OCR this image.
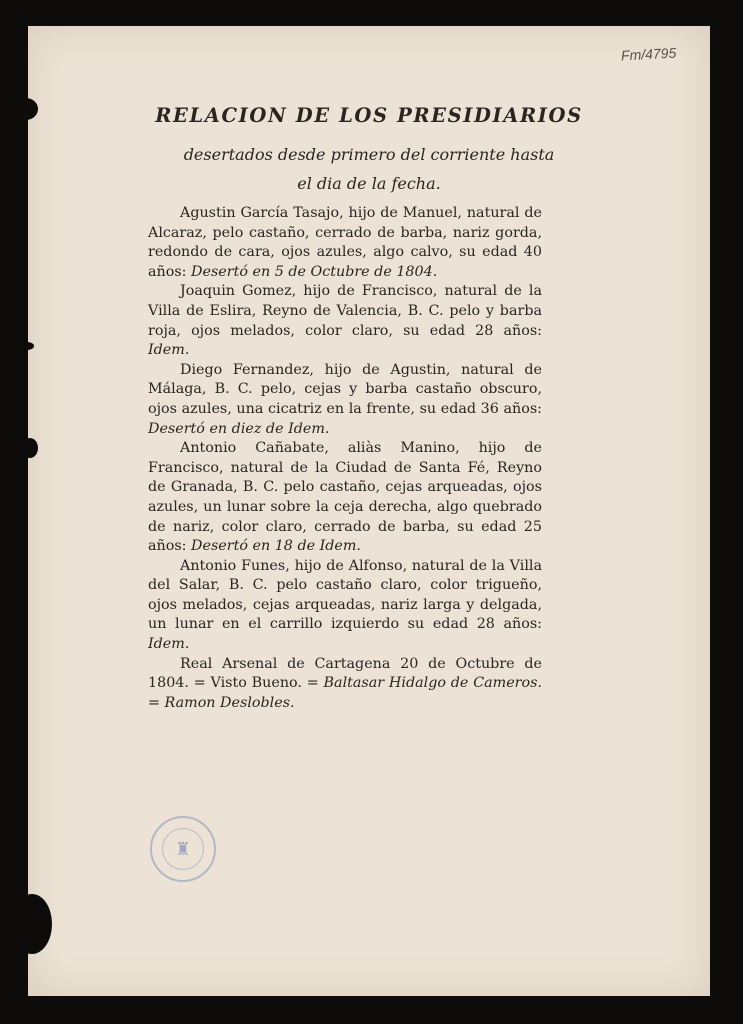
Fm/4795
RELACION DE LOS PRESIDIARIOS
desertados desde primero del corriente hasta
el dia de la fecha.

Agustin García Tasajo, hijo de Manuel, natural de Alcaraz, pelo castaño, cerrado de barba, nariz gorda, redondo de cara, ojos azules, algo calvo, su edad 40 años: Desertó en 5 de Octubre de 1804.

Joaquin Gomez, hijo de Francisco, natural de la Villa de Eslira, Reyno de Valencia, B. C. pelo y barba roja, ojos melados, color claro, su edad 28 años: Idem.

Diego Fernandez, hijo de Agustin, natural de Málaga, B. C. pelo, cejas y barba castaño obscuro, ojos azules, una cicatriz en la frente, su edad 36 años: Desertó en diez de Idem.

Antonio Cañabate, aliàs Manino, hijo de Francisco, natural de la Ciudad de Santa Fé, Reyno de Granada, B. C. pelo castaño, cejas arqueadas, ojos azules, un lunar sobre la ceja derecha, algo quebrado de nariz, color claro, cerrado de barba, su edad 25 años: Desertó en 18 de Idem.

Antonio Funes, hijo de Alfonso, natural de la Villa del Salar, B. C. pelo castaño claro, color trigueño, ojos melados, cejas arqueadas, nariz larga y delgada, un lunar en el carrillo izquierdo su edad 28 años: Idem.

Real Arsenal de Cartagena 20 de Octubre de 1804. = Visto Bueno. = Baltasar Hidalgo de Cameros. = Ramon Deslobles.

♜
